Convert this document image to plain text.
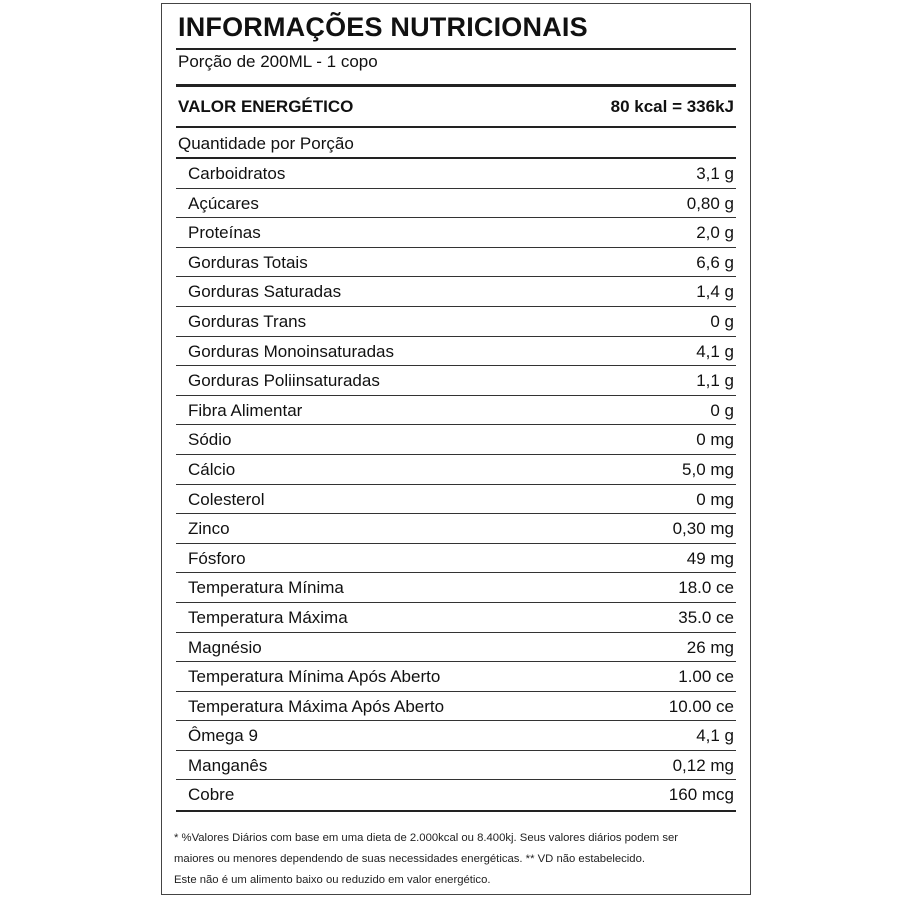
INFORMAÇÕES NUTRICIONAIS
Porção de 200ML - 1 copo
VALOR ENERGÉTICO	80 kcal = 336kJ
Quantidade por Porção
Carboidratos	3,1 g
Açúcares	0,80 g
Proteínas	2,0 g
Gorduras Totais	6,6 g
Gorduras Saturadas	1,4 g
Gorduras Trans	0 g
Gorduras Monoinsaturadas	4,1 g
Gorduras Poliinsaturadas	1,1 g
Fibra Alimentar	0 g
Sódio	0 mg
Cálcio	5,0 mg
Colesterol	0 mg
Zinco	0,30 mg
Fósforo	49 mg
Temperatura Mínima	18.0 ce
Temperatura Máxima	35.0 ce
Magnésio	26 mg
Temperatura Mínima Após Aberto	1.00 ce
Temperatura Máxima Após Aberto	10.00 ce
Ômega 9	4,1 g
Manganês	0,12 mg
Cobre	160 mcg
* %Valores Diários com base em uma dieta de 2.000kcal ou 8.400kj. Seus valores diários podem ser
maiores ou menores dependendo de suas necessidades energéticas. ** VD não estabelecido.
Este não é um alimento baixo ou reduzido em valor energético.
